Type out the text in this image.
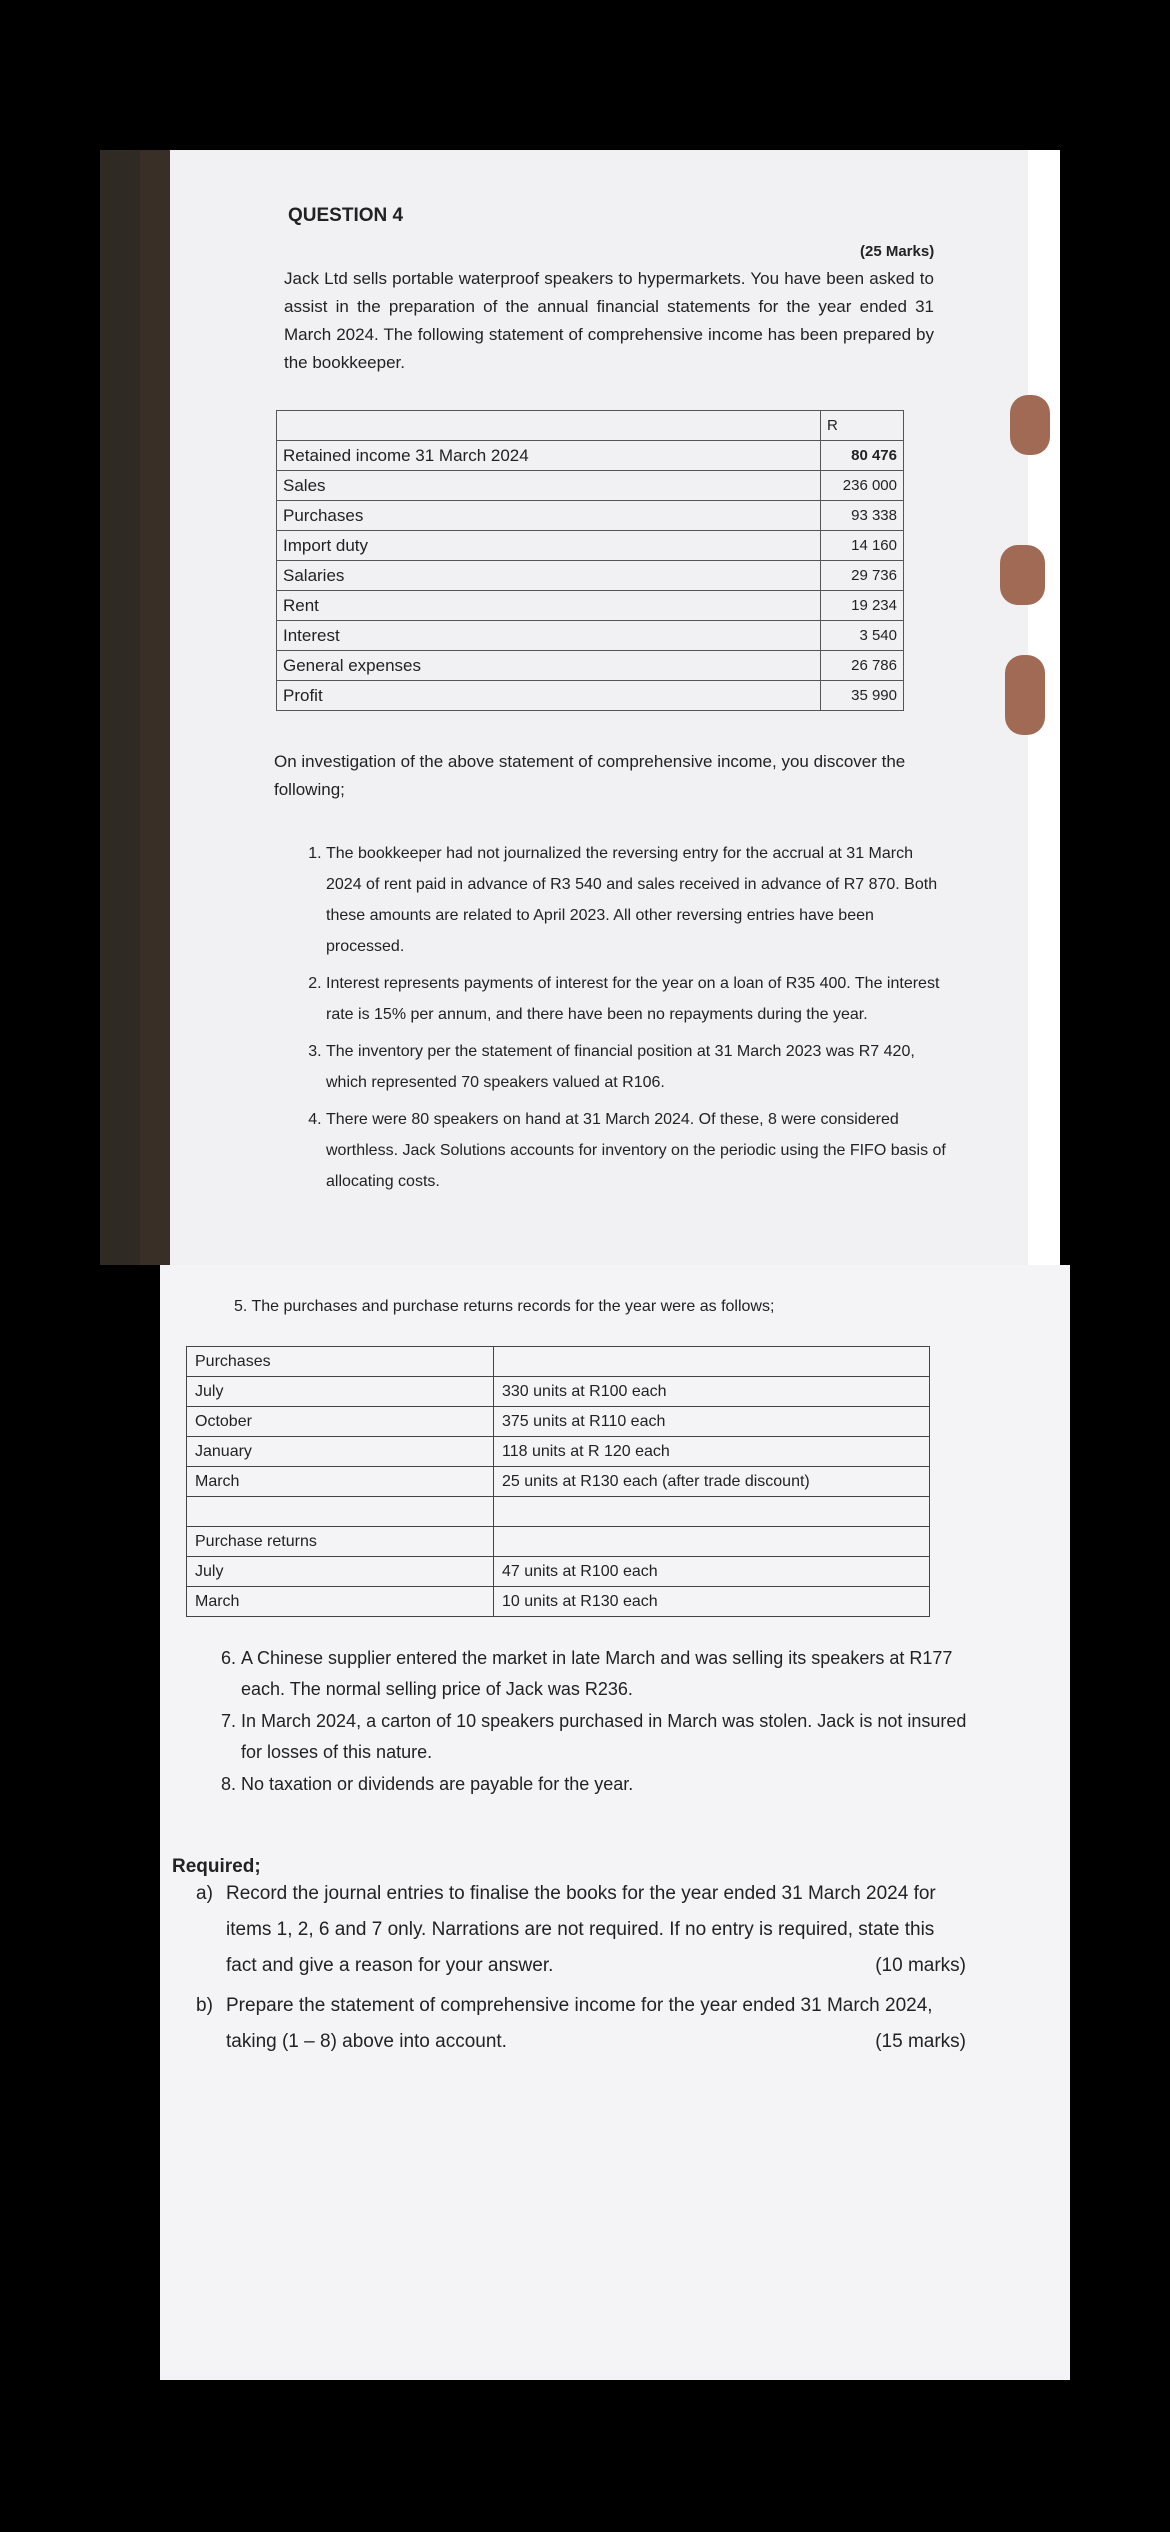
QUESTION 4
(25 Marks)
Jack Ltd sells portable waterproof speakers to hypermarkets. You have been asked to assist in the preparation of the annual financial statements for the year ended 31 March 2024. The following statement of comprehensive income has been prepared by the bookkeeper.
	R
Retained income 31 March 2024	80 476
Sales	236 000
Purchases	93 338
Import duty	14 160
Salaries	29 736
Rent	19 234
Interest	3 540
General expenses	26 786
Profit	35 990
On investigation of the above statement of comprehensive income, you discover the following;
1. The bookkeeper had not journalized the reversing entry for the accrual at 31 March 2024 of rent paid in advance of R3 540 and sales received in advance of R7 870. Both these amounts are related to April 2023. All other reversing entries have been processed.
2. Interest represents payments of interest for the year on a loan of R35 400. The interest rate is 15% per annum, and there have been no repayments during the year.
3. The inventory per the statement of financial position at 31 March 2023 was R7 420, which represented 70 speakers valued at R106.
4. There were 80 speakers on hand at 31 March 2024. Of these, 8 were considered worthless. Jack Solutions accounts for inventory on the periodic using the FIFO basis of allocating costs.
5. The purchases and purchase returns records for the year were as follows;
Purchases	
July	330 units at R100 each
October	375 units at R110 each
January	118 units at R 120 each
March	25 units at R130 each (after trade discount)

Purchase returns	
July	47 units at R100 each
March	10 units at R130 each
6. A Chinese supplier entered the market in late March and was selling its speakers at R177 each. The normal selling price of Jack was R236.
7. In March 2024, a carton of 10 speakers purchased in March was stolen. Jack is not insured for losses of this nature.
8. No taxation or dividends are payable for the year.
Required;
a) Record the journal entries to finalise the books for the year ended 31 March 2024 for items 1, 2, 6 and 7 only. Narrations are not required. If no entry is required, state this fact and give a reason for your answer.	(10 marks)
b) Prepare the statement of comprehensive income for the year ended 31 March 2024, taking (1 – 8) above into account.	(15 marks)
